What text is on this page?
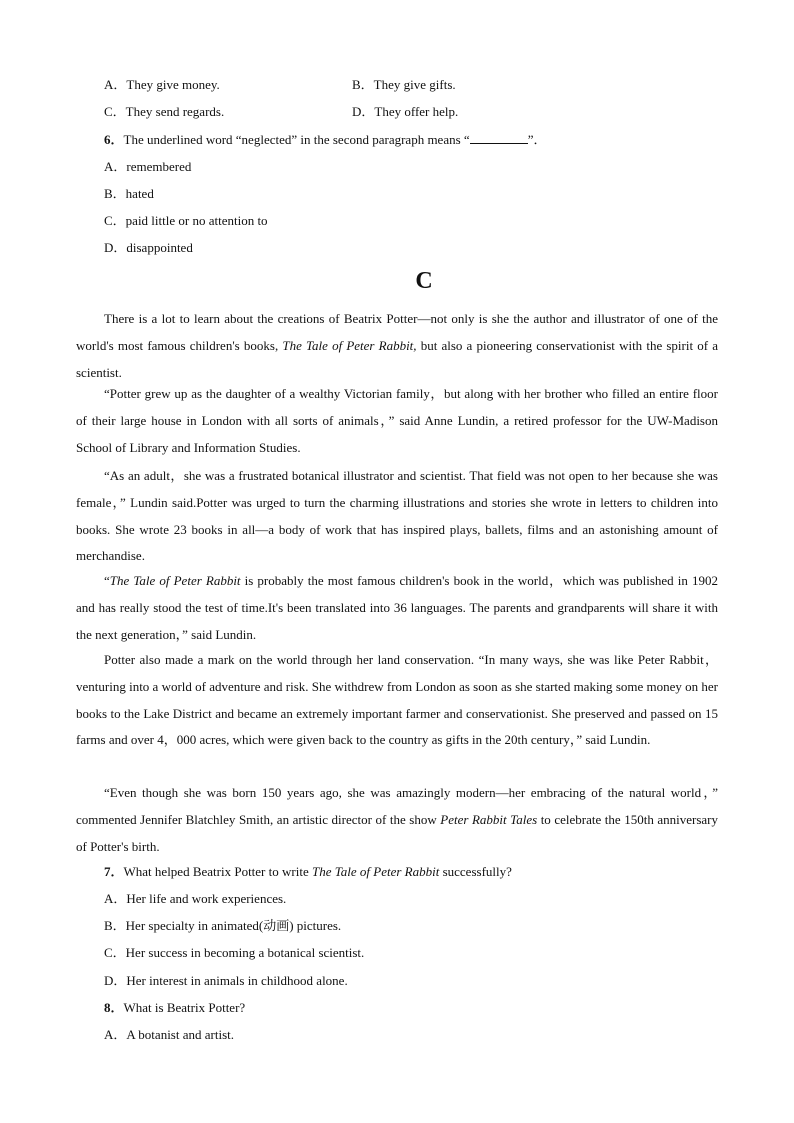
A．They give money.	B．They give gifts.
C．They send regards.	D．They offer help.
6．The underlined word “neglected” in the second paragraph means “	”．
A．remembered
B．hated
C．paid little or no attention to
D．disappointed
C
There is a lot to learn about the creations of Beatrix Potter—not only is she the author and illustrator of one of the world's most famous children's books, The Tale of Peter Rabbit, but also a pioneering conservationist with the spirit of a scientist.
“Potter grew up as the daughter of a wealthy Victorian family，but along with her brother who filled an entire floor of their large house in London with all sorts of animals，” said Anne Lundin, a retired professor for the UW-Madison School of Library and Information Studies.
“As an adult，she was a frustrated botanical illustrator and scientist. That field was not open to her because she was female，” Lundin said.Potter was urged to turn the charming illustrations and stories she wrote in letters to children into books. She wrote 23 books in all—a body of work that has inspired plays, ballets, films and an astonishing amount of merchandise.
“The Tale of Peter Rabbit is probably the most famous children's book in the world，which was published in 1902 and has really stood the test of time.It's been translated into 36 languages. The parents and grandparents will share it with the next generation，” said Lundin.
Potter also made a mark on the world through her land conservation. “In many ways, she was like Peter Rabbit，venturing into a world of adventure and risk. She withdrew from London as soon as she started making some money on her books to the Lake District and became an extremely important farmer and conservationist. She preserved and passed on 15 farms and over 4，000 acres, which were given back to the country as gifts in the 20th century，” said Lundin.
“Even though she was born 150 years ago, she was amazingly modern—her embracing of the natural world，” commented Jennifer Blatchley Smith, an artistic director of the show Peter Rabbit Tales to celebrate the 150th anniversary of Potter's birth.
7．What helped Beatrix Potter to write The Tale of Peter Rabbit successfully?
A．Her life and work experiences.
B．Her specialty in animated(动画) pictures.
C．Her success in becoming a botanical scientist.
D．Her interest in animals in childhood alone.
8．What is Beatrix Potter?
A．A botanist and artist.
